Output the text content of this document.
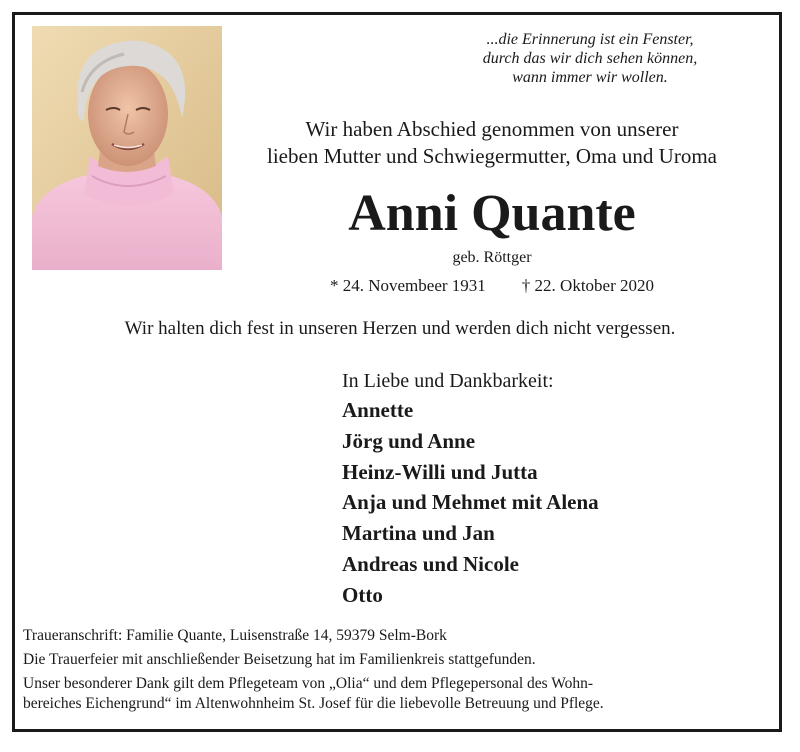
...die Erinnerung ist ein Fenster,
durch das wir dich sehen können,
wann immer wir wollen.
Wir haben Abschied genommen von unserer
lieben Mutter und Schwiegermutter, Oma und Uroma
Anni Quante
geb. Röttger
* 24. Novembeer 1931 † 22. Oktober 2020
Wir halten dich fest in unseren Herzen und werden dich nicht vergessen.
In Liebe und Dankbarkeit:
Annette
Jörg und Anne
Heinz-Willi und Jutta
Anja und Mehmet mit Alena
Martina und Jan
Andreas und Nicole
Otto
Traueranschrift: Familie Quante, Luisenstraße 14, 59379 Selm-Bork
Die Trauerfeier mit anschließender Beisetzung hat im Familienkreis stattgefunden.
Unser besonderer Dank gilt dem Pflegeteam von „Olia“ und dem Pflegepersonal des Wohn-
bereiches Eichengrund“ im Altenwohnheim St. Josef für die liebevolle Betreuung und Pflege.
